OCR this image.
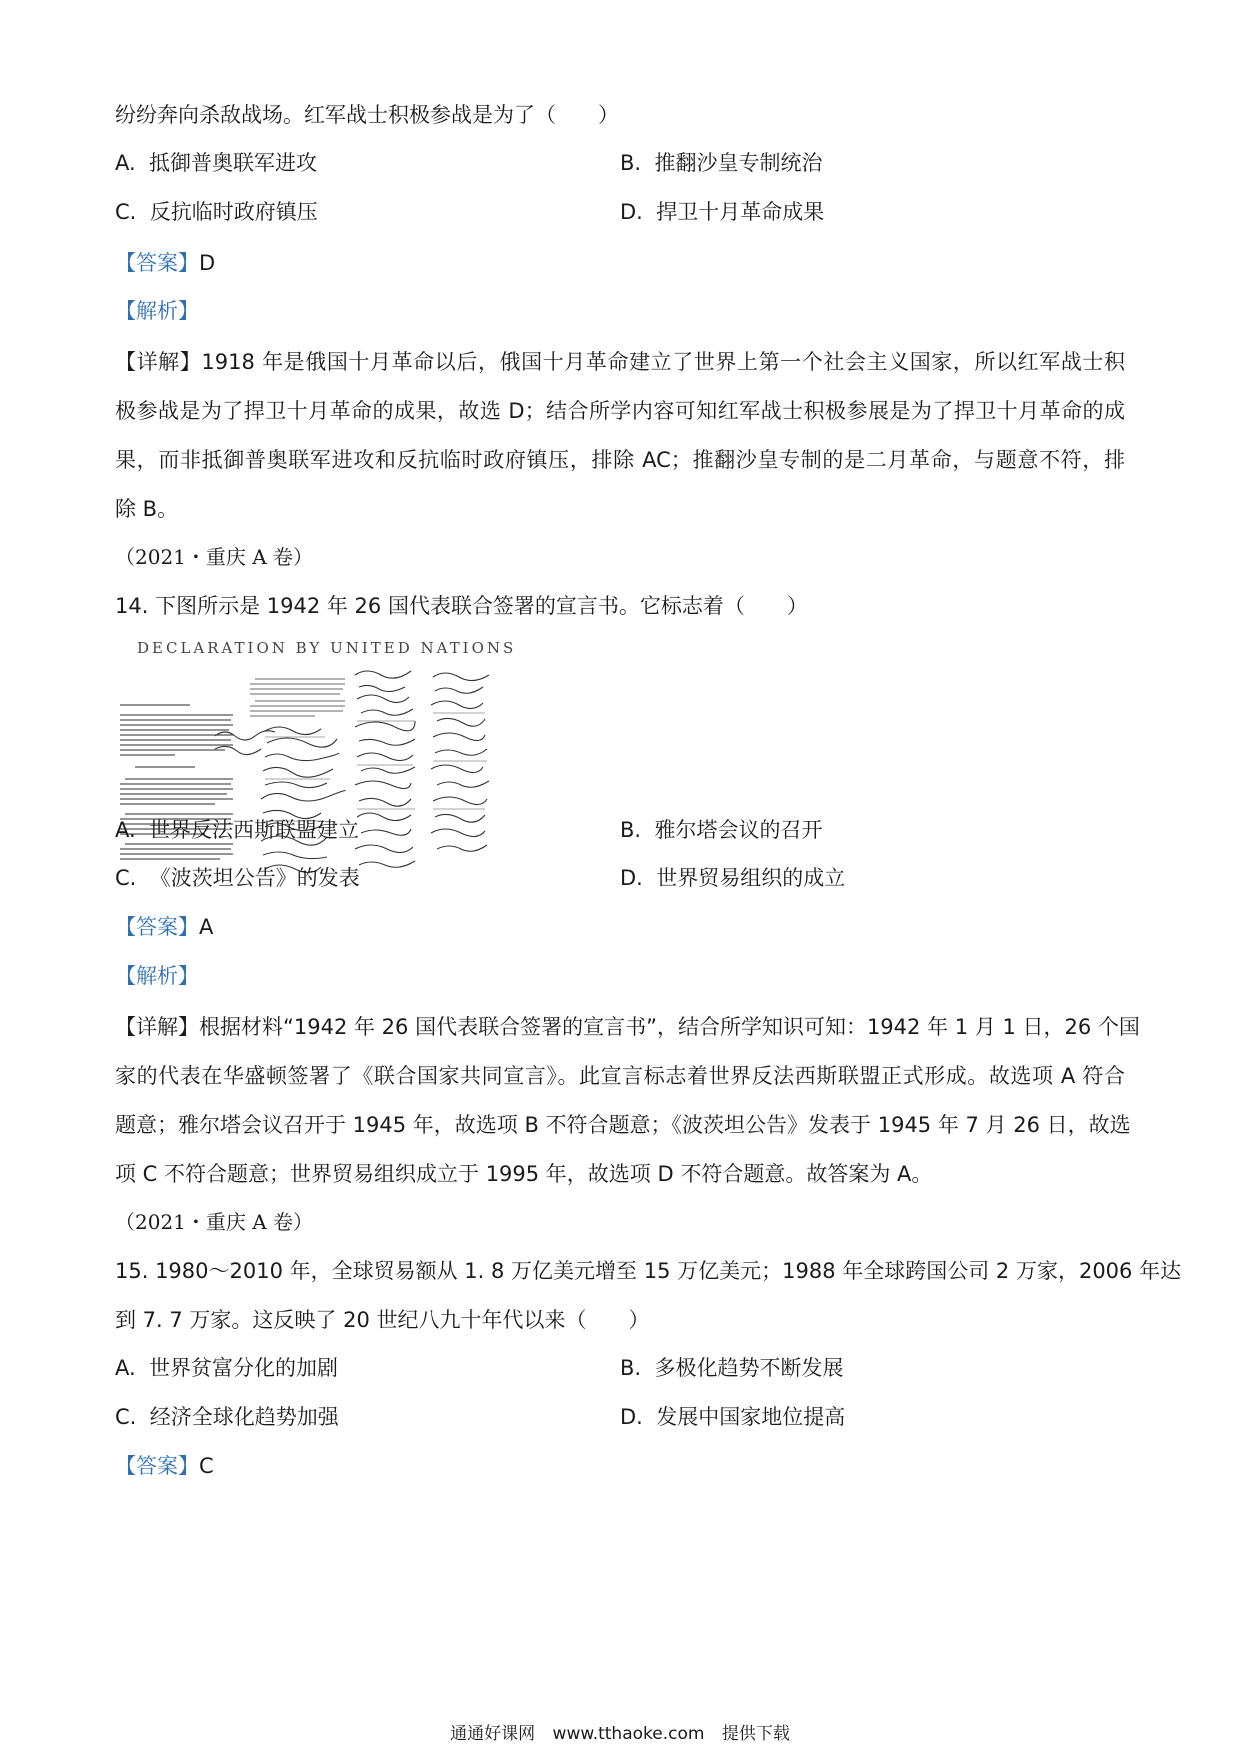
纷纷奔向杀敌战场。红军战士积极参战是为了（　　）
A. 抵御普奥联军进攻	B. 推翻沙皇专制统治
C. 反抗临时政府镇压	D. 捍卫十月革命成果
【答案】D
【解析】
【详解】1918 年是俄国十月革命以后，俄国十月革命建立了世界上第一个社会主义国家，所以红军战士积
极参战是为了捍卫十月革命的成果，故选 D；结合所学内容可知红军战士积极参展是为了捍卫十月革命的成
果，而非抵御普奥联军进攻和反抗临时政府镇压，排除 AC；推翻沙皇专制的是二月革命，与题意不符，排
除 B。
（2021・重庆 A 卷）
14. 下图所示是 1942 年 26 国代表联合签署的宣言书。它标志着（　　）
DECLARATION BY UNITED NATIONS
A. 世界反法西斯联盟建立	B. 雅尔塔会议的召开
C. 《波茨坦公告》的发表	D. 世界贸易组织的成立
【答案】A
【解析】
【详解】根据材料“1942 年 26 国代表联合签署的宣言书”，结合所学知识可知：1942 年 1 月 1 日，26 个国
家的代表在华盛顿签署了《联合国家共同宣言》。此宣言标志着世界反法西斯联盟正式形成。故选项 A 符合
题意；雅尔塔会议召开于 1945 年，故选项 B 不符合题意；《波茨坦公告》发表于 1945 年 7 月 26 日，故选
项 C 不符合题意；世界贸易组织成立于 1995 年，故选项 D 不符合题意。故答案为 A。
（2021・重庆 A 卷）
15. 1980～2010 年，全球贸易额从 1. 8 万亿美元增至 15 万亿美元；1988 年全球跨国公司 2 万家，2006 年达
到 7. 7 万家。这反映了 20 世纪八九十年代以来（　　）
A. 世界贫富分化的加剧	B. 多极化趋势不断发展
C. 经济全球化趋势加强	D. 发展中国家地位提高
【答案】C
通通好课网 www.tthaoke.com 提供下载
